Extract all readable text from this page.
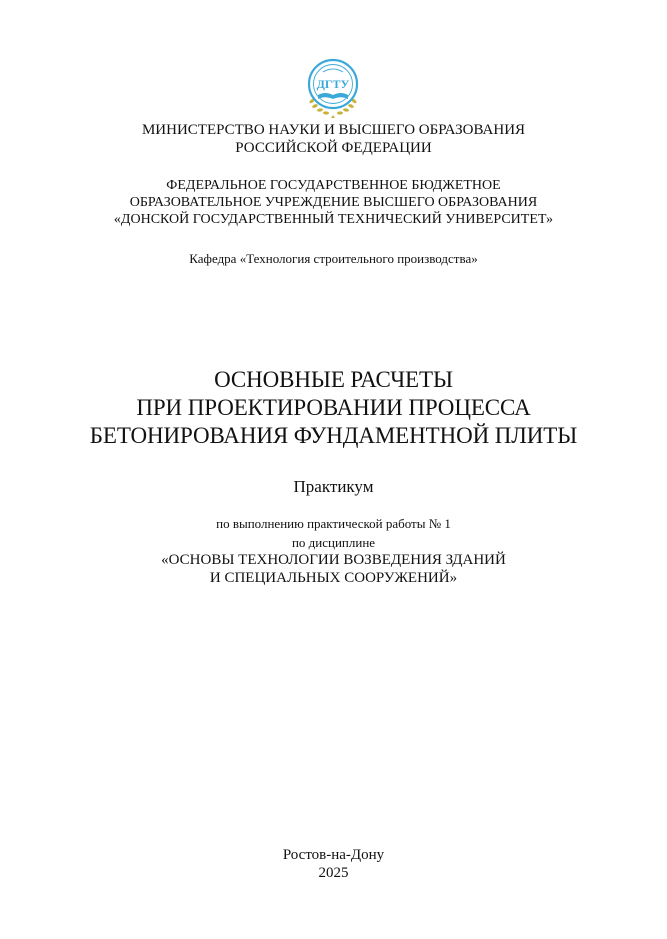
ДГТУ
МИНИСТЕРСТВО НАУКИ И ВЫСШЕГО ОБРАЗОВАНИЯ
РОССИЙСКОЙ ФЕДЕРАЦИИ
ФЕДЕРАЛЬНОЕ ГОСУДАРСТВЕННОЕ БЮДЖЕТНОЕ
ОБРАЗОВАТЕЛЬНОЕ УЧРЕЖДЕНИЕ ВЫСШЕГО ОБРАЗОВАНИЯ
«ДОНСКОЙ ГОСУДАРСТВЕННЫЙ ТЕХНИЧЕСКИЙ УНИВЕРСИТЕТ»
Кафедра «Технология строительного производства»
ОСНОВНЫЕ РАСЧЕТЫ
ПРИ ПРОЕКТИРОВАНИИ ПРОЦЕССА
БЕТОНИРОВАНИЯ ФУНДАМЕНТНОЙ ПЛИТЫ
Практикум
по выполнению практической работы № 1
по дисциплине
«ОСНОВЫ ТЕХНОЛОГИИ ВОЗВЕДЕНИЯ ЗДАНИЙ
И СПЕЦИАЛЬНЫХ СООРУЖЕНИЙ»
Ростов-на-Дону
2025
